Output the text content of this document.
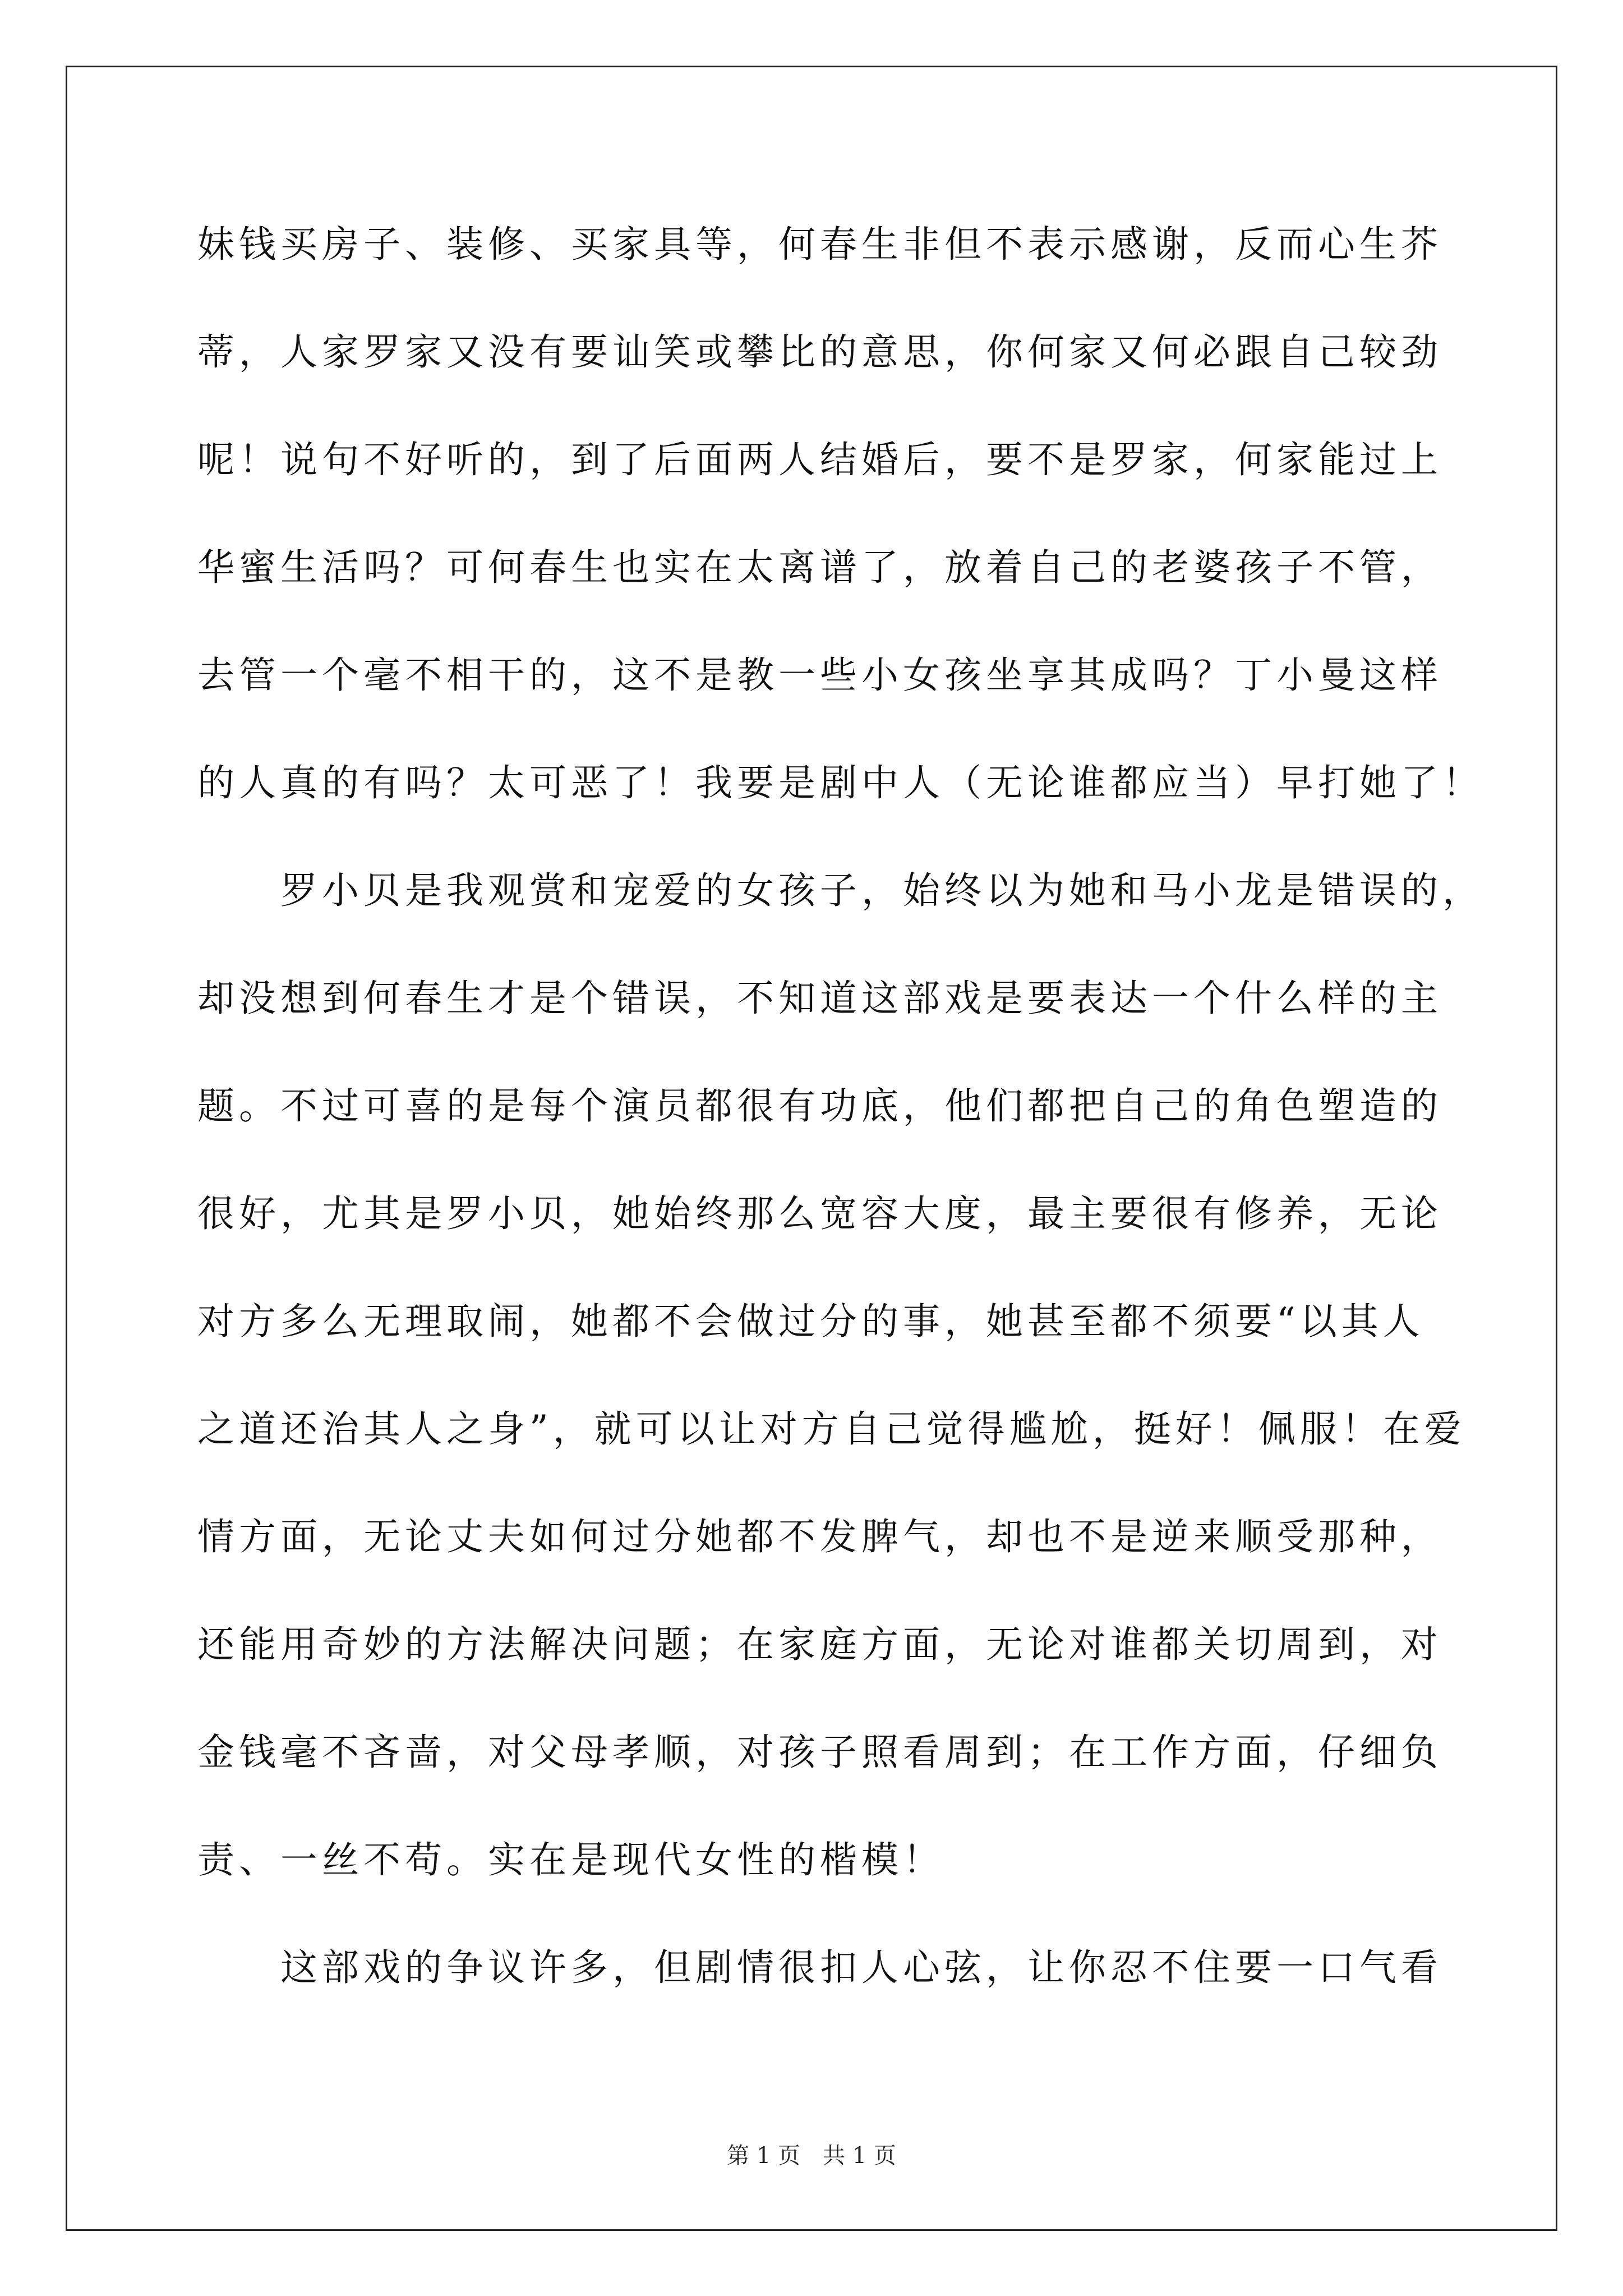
妹钱买房子、装修、买家具等，何春生非但不表示感谢，反而心生芥
蒂，人家罗家又没有要讪笑或攀比的意思，你何家又何必跟自己较劲
呢！说句不好听的，到了后面两人结婚后，要不是罗家，何家能过上
华蜜生活吗？可何春生也实在太离谱了，放着自己的老婆孩子不管，
去管一个毫不相干的，这不是教一些小女孩坐享其成吗？丁小曼这样
的人真的有吗？太可恶了！我要是剧中人（无论谁都应当）早打她了！
罗小贝是我观赏和宠爱的女孩子，始终以为她和马小龙是错误的，
却没想到何春生才是个错误，不知道这部戏是要表达一个什么样的主
题。不过可喜的是每个演员都很有功底，他们都把自己的角色塑造的
很好，尤其是罗小贝，她始终那么宽容大度，最主要很有修养，无论
对方多么无理取闹，她都不会做过分的事，她甚至都不须要“以其人
之道还治其人之身”，就可以让对方自己觉得尴尬，挺好！佩服！在爱
情方面，无论丈夫如何过分她都不发脾气，却也不是逆来顺受那种，
还能用奇妙的方法解决问题；在家庭方面，无论对谁都关切周到，对
金钱毫不吝啬，对父母孝顺，对孩子照看周到；在工作方面，仔细负
责、一丝不苟。实在是现代女性的楷模！
这部戏的争议许多，但剧情很扣人心弦，让你忍不住要一口气看
第 1 页　共 1 页
